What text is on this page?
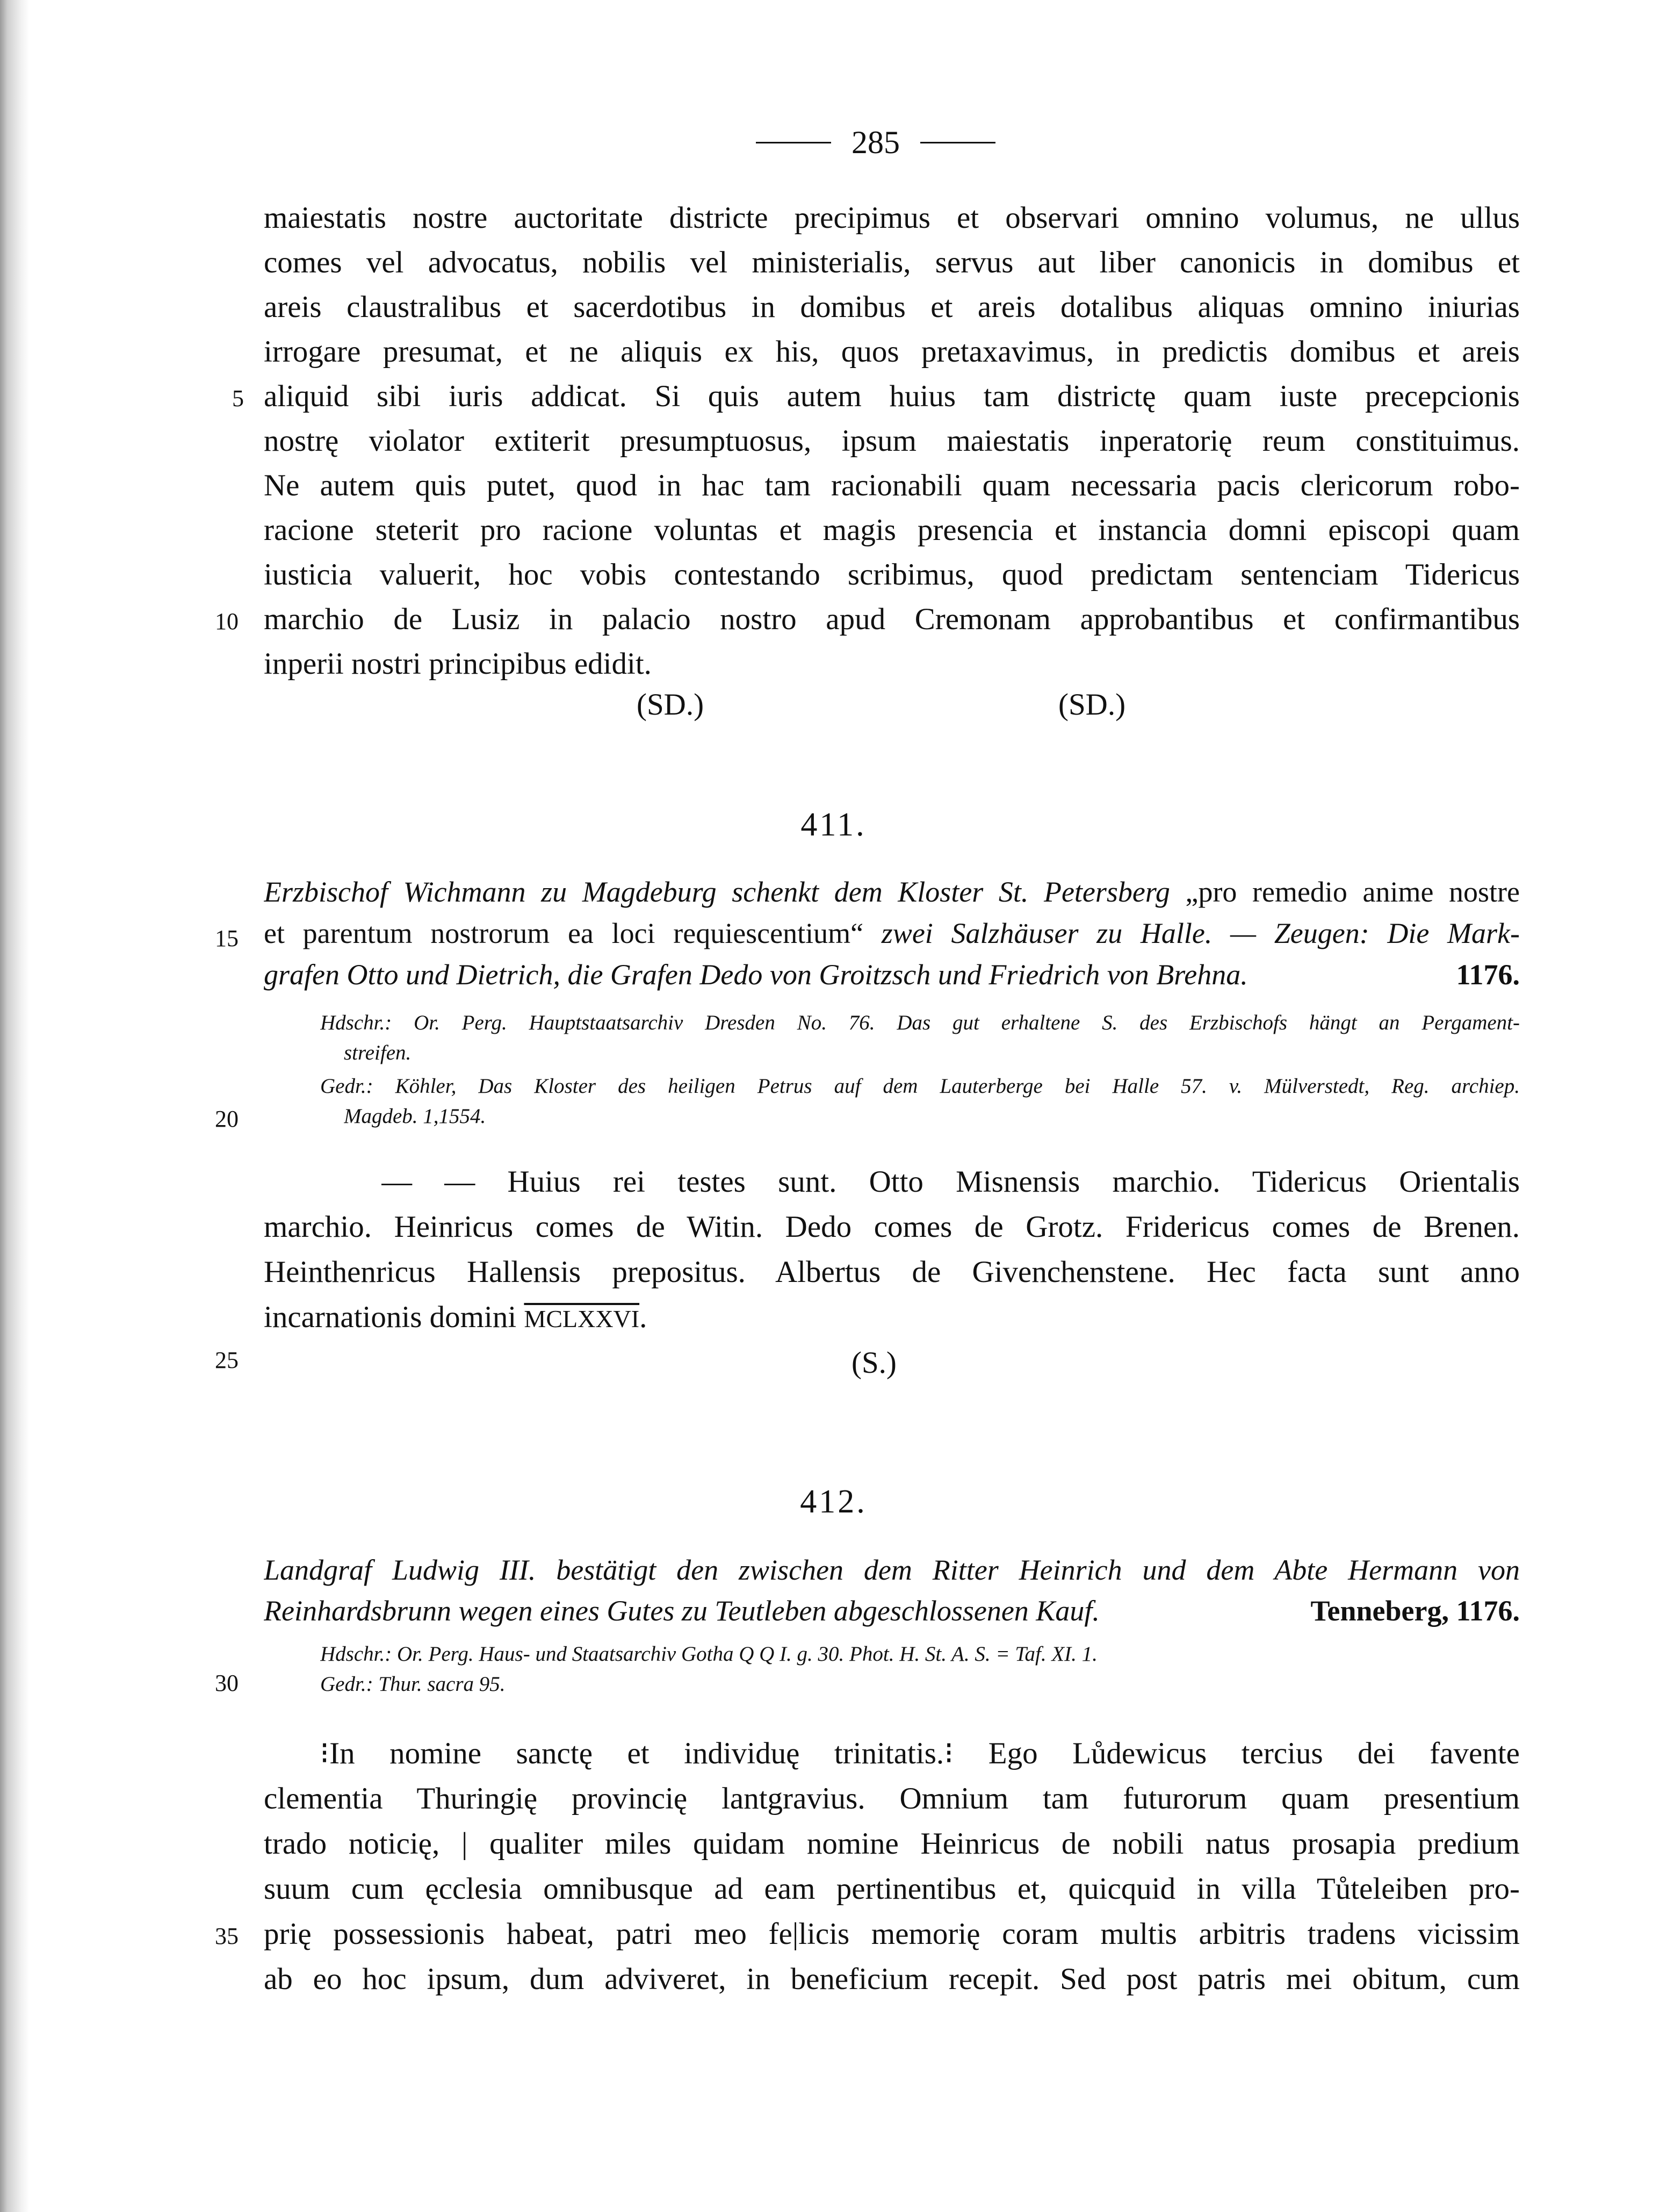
285
maiestatis nostre auctoritate districte precipimus et observari omnino volumus, ne ullus
comes vel advocatus, nobilis vel ministerialis, servus aut liber canonicis in domibus et
areis claustralibus et sacerdotibus in domibus et areis dotalibus aliquas omnino iniurias
irrogare presumat, et ne aliquis ex his, quos pretaxavimus, in predictis domibus et areis
aliquid sibi iuris addicat. Si quis autem huius tam districtę quam iuste precepcionis
nostrę violator extiterit presumptuosus, ipsum maiestatis inperatorię reum constituimus.
Ne autem quis putet, quod in hac tam racionabili quam necessaria pacis clericorum robo-
racione steterit pro racione voluntas et magis presencia et instancia domni episcopi quam
iusticia valuerit, hoc vobis contestando scribimus, quod predictam sentenciam Tidericus
marchio de Lusiz in palacio nostro apud Cremonam approbantibus et confirmantibus
inperii nostri principibus edidit.
(SD.)	(SD.)
5
10
15
20
25
30
35
411.
Erzbischof Wichmann zu Magdeburg schenkt dem Kloster St. Petersberg „pro remedio anime nostre
et parentum nostrorum ea loci requiescentium“ zwei Salzhäuser zu Halle. — Zeugen: Die Mark-
grafen Otto und Dietrich, die Grafen Dedo von Groitzsch und Friedrich von Brehna.	1176.
Hdschr.: Or. Perg. Hauptstaatsarchiv Dresden No. 76. Das gut erhaltene S. des Erzbischofs hängt an Pergament-
streifen.
Gedr.: Köhler, Das Kloster des heiligen Petrus auf dem Lauterberge bei Halle 57. v. Mülverstedt, Reg. archiep.
Magdeb. 1,1554.
— — Huius rei testes sunt. Otto Misnensis marchio. Tidericus Orientalis
marchio. Heinricus comes de Witin. Dedo comes de Grotz. Fridericus comes de Brenen.
Heinthenricus Hallensis prepositus. Albertus de Givenchenstene. Hec facta sunt anno
incarnationis domini MCLXXVI.
(S.)
412.
Landgraf Ludwig III. bestätigt den zwischen dem Ritter Heinrich und dem Abte Hermann von
Reinhardsbrunn wegen eines Gutes zu Teutleben abgeschlossenen Kauf.	Tenneberg, 1176.
Hdschr.: Or. Perg. Haus- und Staatsarchiv Gotha Q Q I. g. 30. Phot. H. St. A. S. = Taf. XI. 1.
Gedr.: Thur. sacra 95.
⁝In nomine sanctę et individuę trinitatis.⁝ Ego Lůdewicus tercius dei favente
clementia Thuringię provincię lantgravius. Omnium tam futurorum quam presentium
trado noticię, | qualiter miles quidam nomine Heinricus de nobili natus prosapia predium
suum cum ęcclesia omnibusque ad eam pertinentibus et, quicquid in villa Tůteleiben pro-
prię possessionis habeat, patri meo fe|licis memorię coram multis arbitris tradens vicissim
ab eo hoc ipsum, dum adviveret, in beneficium recepit. Sed post patris mei obitum, cum
